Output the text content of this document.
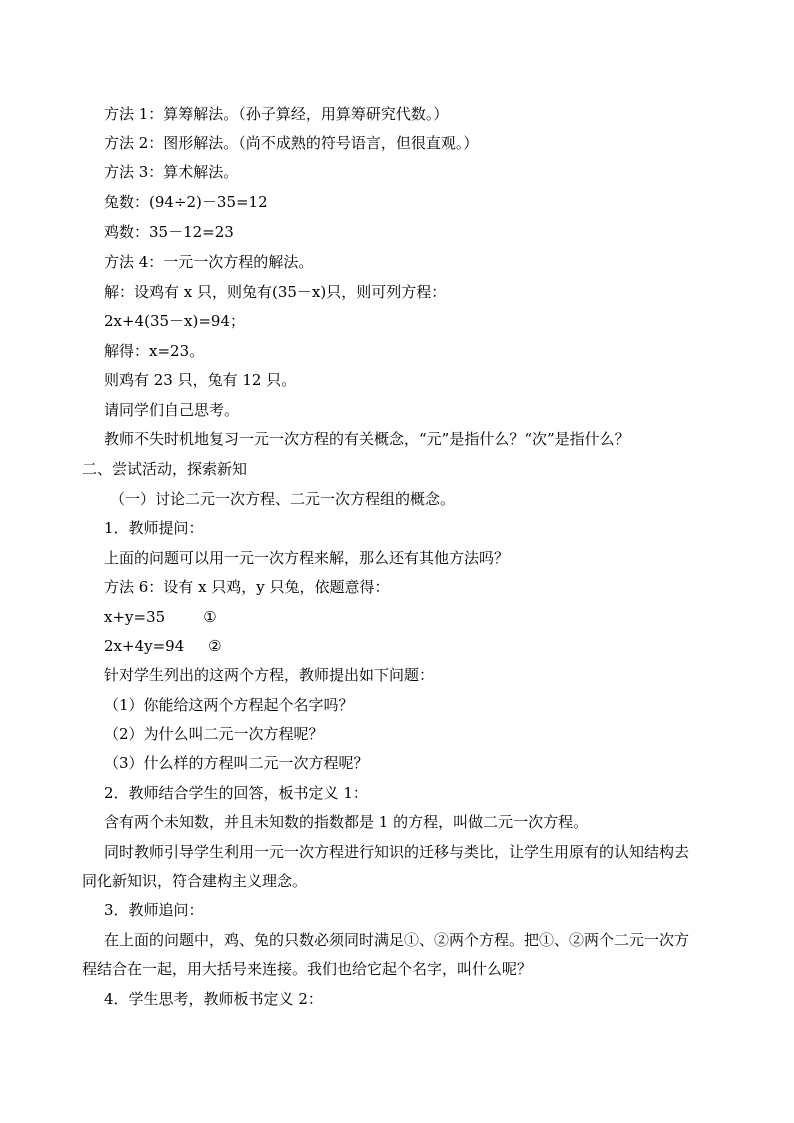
方法 1：算筹解法。（孙子算经，用算筹研究代数。）
方法 2：图形解法。（尚不成熟的符号语言，但很直观。）
方法 3：算术解法。
兔数：(94÷2)－35=12
鸡数：35－12=23
方法 4：一元一次方程的解法。
解：设鸡有 x 只，则兔有(35－x)只，则可列方程：
2x+4(35－x)=94；
解得：x=23。
则鸡有 23 只，兔有 12 只。
请同学们自己思考。
教师不失时机地复习一元一次方程的有关概念，“元”是指什么？“次”是指什么？
二、尝试活动，探索新知
（一）讨论二元一次方程、二元一次方程组的概念。
1．教师提问：
上面的问题可以用一元一次方程来解，那么还有其他方法吗？
方法 6：设有 x 只鸡，y 只兔，依题意得：
x+y=35        ①
2x+4y=94     ②
针对学生列出的这两个方程，教师提出如下问题：
（1）你能给这两个方程起个名字吗？
（2）为什么叫二元一次方程呢？
（3）什么样的方程叫二元一次方程呢？
2．教师结合学生的回答，板书定义 1：
含有两个未知数，并且未知数的指数都是 1 的方程，叫做二元一次方程。
同时教师引导学生利用一元一次方程进行知识的迁移与类比，让学生用原有的认知结构去
同化新知识，符合建构主义理念。
3．教师追问：
在上面的问题中，鸡、兔的只数必须同时满足①、②两个方程。把①、②两个二元一次方
程结合在一起，用大括号来连接。我们也给它起个名字，叫什么呢？
4．学生思考，教师板书定义 2：
